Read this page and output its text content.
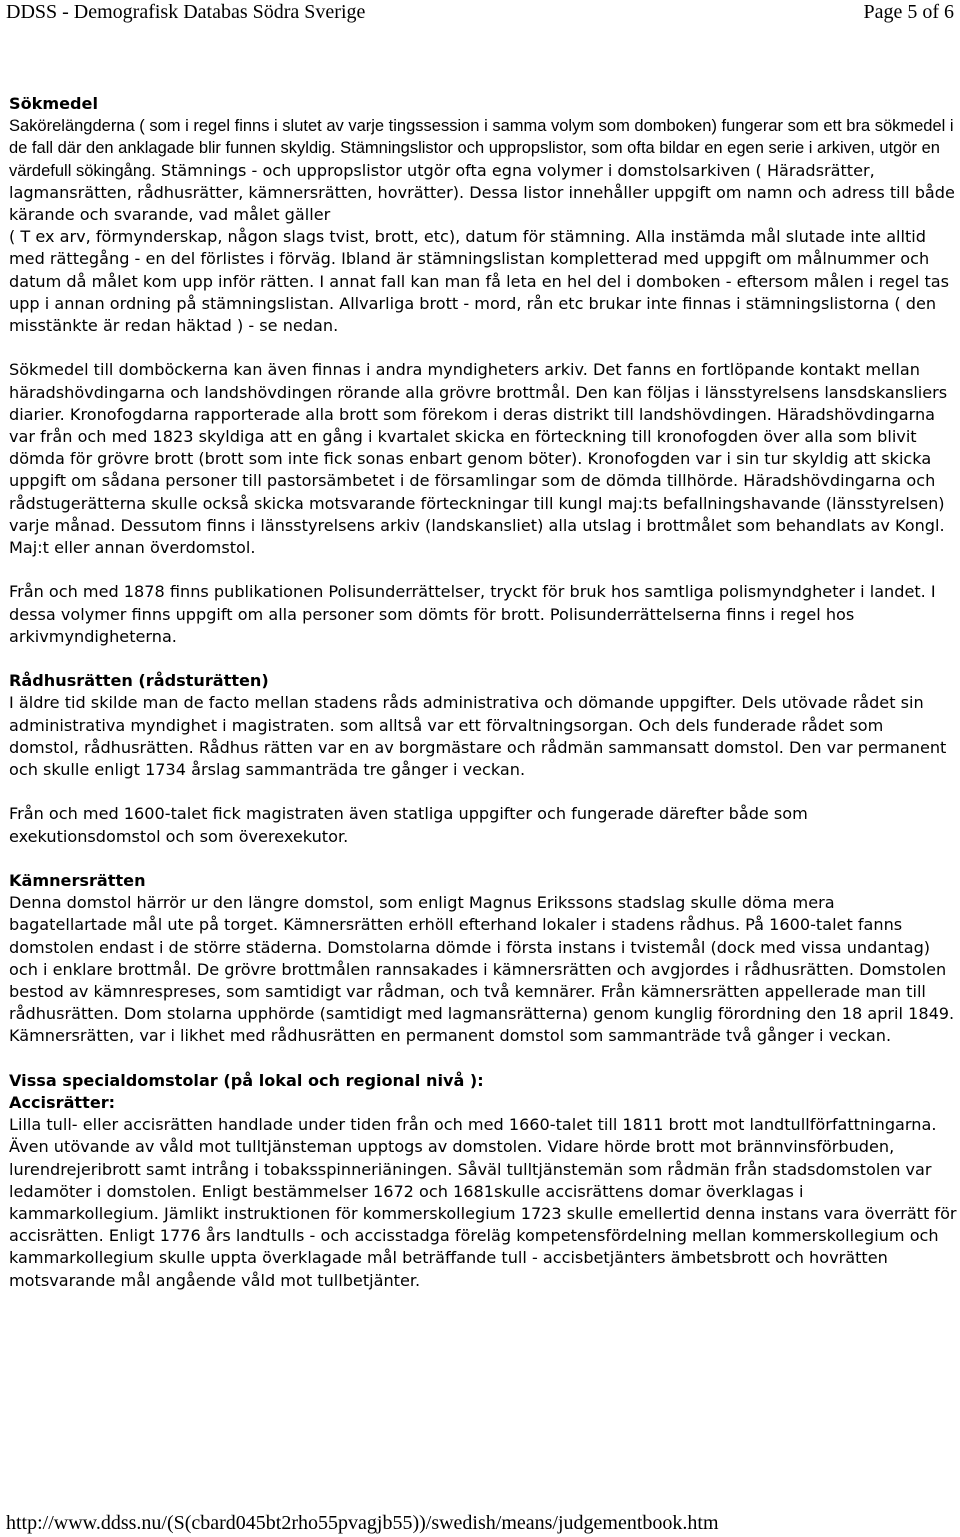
DDSS - Demografisk Databas Södra Sverige	Page 5 of 6
Sökmedel

Sakörelängderna ( som i regel finns i slutet av varje tingssession i samma volym som domboken) fungerar som ett bra sökmedel i de fall där den anklagade blir funnen skyldig. Stämningslistor och uppropslistor, som ofta bildar en egen serie i arkiven, utgör en värdefull sökingång. Stämnings - och uppropslistor utgör ofta egna volymer i domstolsarkiven ( Häradsrätter, lagmansrätten, rådhusrätter, kämnersrätten, hovrätter). Dessa listor innehåller uppgift om namn och adress till både kärande och svarande, vad målet gäller

( T ex arv, förmynderskap, någon slags tvist, brott, etc), datum för stämning. Alla instämda mål slutade inte alltid med rättegång - en del förlistes i förväg. Ibland är stämningslistan kompletterad med uppgift om målnummer och datum då målet kom upp inför rätten. I annat fall kan man få leta en hel del i domboken - eftersom målen i regel tas upp i annan ordning på stämningslistan. Allvarliga brott - mord, rån etc brukar inte finnas i stämningslistorna ( den misstänkte är redan häktad ) - se nedan.

Sökmedel till domböckerna kan även finnas i andra myndigheters arkiv. Det fanns en fortlöpande kontakt mellan häradshövdingarna och landshövdingen rörande alla grövre brottmål. Den kan följas i länsstyrelsens lansdskansliers diarier. Kronofogdarna rapporterade alla brott som förekom i deras distrikt till landshövdingen. Häradshövdingarna var från och med 1823 skyldiga att en gång i kvartalet skicka en förteckning till kronofogden över alla som blivit dömda för grövre brott (brott som inte fick sonas enbart genom böter). Kronofogden var i sin tur skyldig att skicka uppgift om sådana personer till pastorsämbetet i de församlingar som de dömda tillhörde. Häradshövdingarna och rådstugerätterna skulle också skicka motsvarande förteckningar till kungl maj:ts befallningshavande (länsstyrelsen) varje månad. Dessutom finns i länsstyrelsens arkiv (landskansliet) alla utslag i brottmålet som behandlats av Kongl. Maj:t eller annan överdomstol.

Från och med 1878 finns publikationen Polisunderrättelser, tryckt för bruk hos samtliga polismyndgheter i landet. I dessa volymer finns uppgift om alla personer som dömts för brott. Polisunderrättelserna finns i regel hos arkivmyndigheterna.

Rådhusrätten (rådsturätten)

I äldre tid skilde man de facto mellan stadens råds administrativa och dömande uppgifter. Dels utövade rådet sin administrativa myndighet i magistraten. som alltså var ett förvaltningsorgan. Och dels funderade rådet som domstol, rådhusrätten. Rådhus rätten var en av borgmästare och rådmän sammansatt domstol. Den var permanent och skulle enligt 1734 årslag sammanträda tre gånger i veckan.

Från och med 1600-talet fick magistraten även statliga uppgifter och fungerade därefter både som exekutionsdomstol och som överexekutor.

Kämnersrätten

Denna domstol härrör ur den längre domstol, som enligt Magnus Erikssons stadslag skulle döma mera bagatellartade mål ute på torget. Kämnersrätten erhöll efterhand lokaler i stadens rådhus. På 1600-talet fanns domstolen endast i de större städerna. Domstolarna dömde i första instans i tvistemål (dock med vissa undantag) och i enklare brottmål. De grövre brottmålen rannsakades i kämnersrätten och avgjordes i rådhusrätten. Domstolen bestod av kämnrespreses, som samtidigt var rådman, och två kemnärer. Från kämnersrätten appellerade man till rådhusrätten. Dom stolarna upphörde (samtidigt med lagmansrätterna) genom kunglig förordning den 18 april 1849. Kämnersrätten, var i likhet med rådhusrätten en permanent domstol som sammanträde två gånger i veckan.

Vissa specialdomstolar (på lokal och regional nivå ):
Accisrätter:

Lilla tull- eller accisrätten handlade under tiden från och med 1660-talet till 1811 brott mot landtullförfattningarna. Även utövande av våld mot tulltjänsteman upptogs av domstolen. Vidare hörde brott mot brännvinsförbuden, lurendrejeribrott samt intrång i tobaksspinneriäningen. Såväl tulltjänstemän som rådmän från stadsdomstolen var ledamöter i domstolen. Enligt bestämmelser 1672 och 1681skulle accisrättens domar överklagas i kammarkollegium. Jämlikt instruktionen för kommerskollegium 1723 skulle emellertid denna instans vara överrätt för accisrätten. Enligt 1776 års landtulls - och accisstadga föreläg kompetensfördelning mellan kommerskollegium och kammarkollegium skulle uppta överklagade mål beträffande tull - accisbetjänters ämbetsbrott och hovrätten motsvarande mål angående våld mot tullbetjänter.

http://www.ddss.nu/(S(cbard045bt2rho55pvagjb55))/swedish/means/judgementbook.htm
